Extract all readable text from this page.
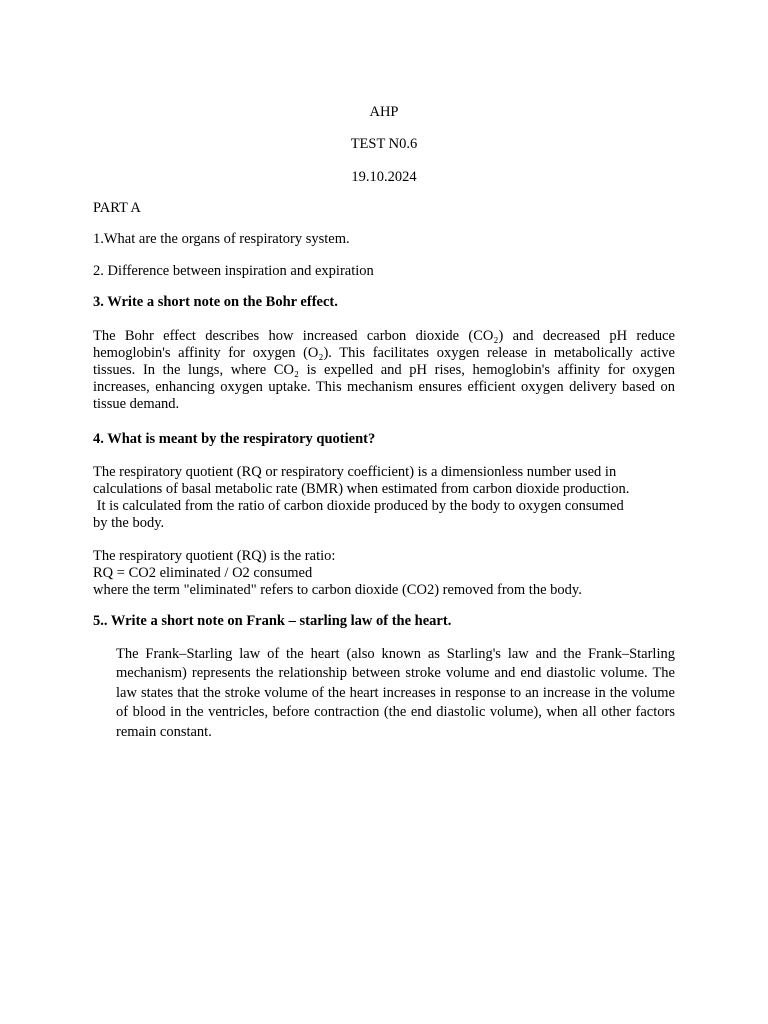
AHP
TEST N0.6
19.10.2024
PART A
1.What are the organs of respiratory system.
2. Difference between inspiration and expiration
3. Write a short note on the Bohr effect.
The Bohr effect describes how increased carbon dioxide (CO₂) and decreased pH reduce hemoglobin's affinity for oxygen (O₂). This facilitates oxygen release in metabolically active tissues. In the lungs, where CO₂ is expelled and pH rises, hemoglobin's affinity for oxygen increases, enhancing oxygen uptake. This mechanism ensures efficient oxygen delivery based on tissue demand.
4. What is meant by the respiratory quotient?
The respiratory quotient (RQ or respiratory coefficient) is a dimensionless number used in
calculations of basal metabolic rate (BMR) when estimated from carbon dioxide production.
It is calculated from the ratio of carbon dioxide produced by the body to oxygen consumed
by the body.
The respiratory quotient (RQ) is the ratio:
RQ = CO2 eliminated / O2 consumed
where the term "eliminated" refers to carbon dioxide (CO2) removed from the body.
5.. Write a short note on Frank – starling law of the heart.
The Frank–Starling law of the heart (also known as Starling's law and the Frank–Starling mechanism) represents the relationship between stroke volume and end diastolic volume. The law states that the stroke volume of the heart increases in response to an increase in the volume of blood in the ventricles, before contraction (the end diastolic volume), when all other factors remain constant.
